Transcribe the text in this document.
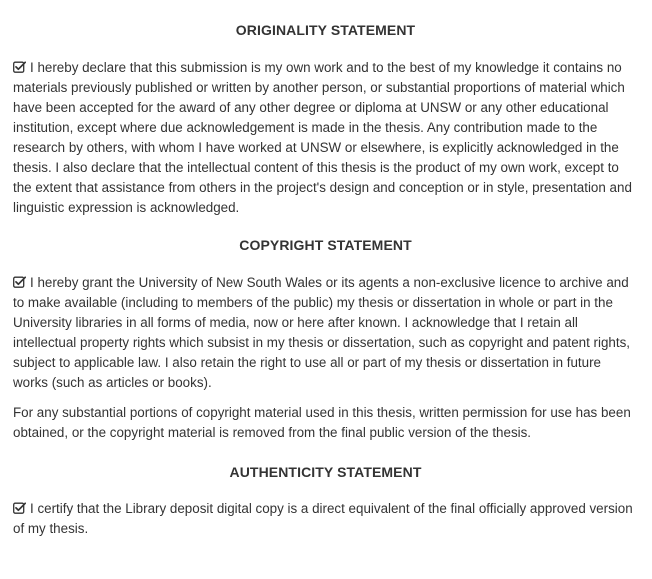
ORIGINALITY STATEMENT

I hereby declare that this submission is my own work and to the best of my knowledge it contains no materials previously published or written by another person, or substantial proportions of material which have been accepted for the award of any other degree or diploma at UNSW or any other educational institution, except where due acknowledgement is made in the thesis. Any contribution made to the research by others, with whom I have worked at UNSW or elsewhere, is explicitly acknowledged in the thesis. I also declare that the intellectual content of this thesis is the product of my own work, except to the extent that assistance from others in the project's design and conception or in style, presentation and linguistic expression is acknowledged.

COPYRIGHT STATEMENT

I hereby grant the University of New South Wales or its agents a non-exclusive licence to archive and to make available (including to members of the public) my thesis or dissertation in whole or part in the University libraries in all forms of media, now or here after known. I acknowledge that I retain all intellectual property rights which subsist in my thesis or dissertation, such as copyright and patent rights, subject to applicable law. I also retain the right to use all or part of my thesis or dissertation in future works (such as articles or books).

For any substantial portions of copyright material used in this thesis, written permission for use has been obtained, or the copyright material is removed from the final public version of the thesis.

AUTHENTICITY STATEMENT

I certify that the Library deposit digital copy is a direct equivalent of the final officially approved version of my thesis.
